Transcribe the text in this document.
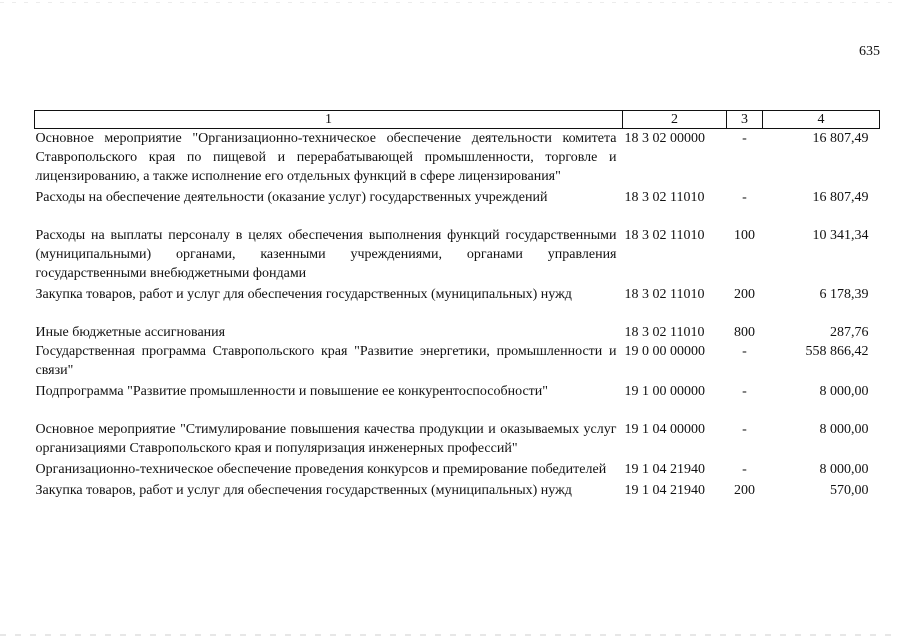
635
1	2	3	4
Основное мероприятие "Организационно-техническое обеспечение деятельности комитета Ставропольского края по пищевой и перерабатывающей промышленности, торговле и лицензированию, а также исполнение его отдельных функций в сфере лицензирования"	18 3 02 00000	-	16 807,49
Расходы на обеспечение деятельности (оказание услуг) государственных учреждений	18 3 02 11010	-	16 807,49
Расходы на выплаты персоналу в целях обеспечения выполнения функций государственными (муниципальными) органами, казенными учреждениями, органами управления государственными внебюджетными фондами	18 3 02 11010	100	10 341,34
Закупка товаров, работ и услуг для обеспечения государственных (муниципальных) нужд	18 3 02 11010	200	6 178,39
Иные бюджетные ассигнования	18 3 02 11010	800	287,76
Государственная программа Ставропольского края "Развитие энергетики, промышленности и связи"	19 0 00 00000	-	558 866,42
Подпрограмма "Развитие промышленности и повышение ее конкурентоспособности"	19 1 00 00000	-	8 000,00
Основное мероприятие "Стимулирование повышения качества продукции и оказываемых услуг организациями Ставропольского края и популяризация инженерных профессий"	19 1 04 00000	-	8 000,00
Организационно-техническое обеспечение проведения конкурсов и премирование победителей	19 1 04 21940	-	8 000,00
Закупка товаров, работ и услуг для обеспечения государственных (муниципальных) нужд	19 1 04 21940	200	570,00
